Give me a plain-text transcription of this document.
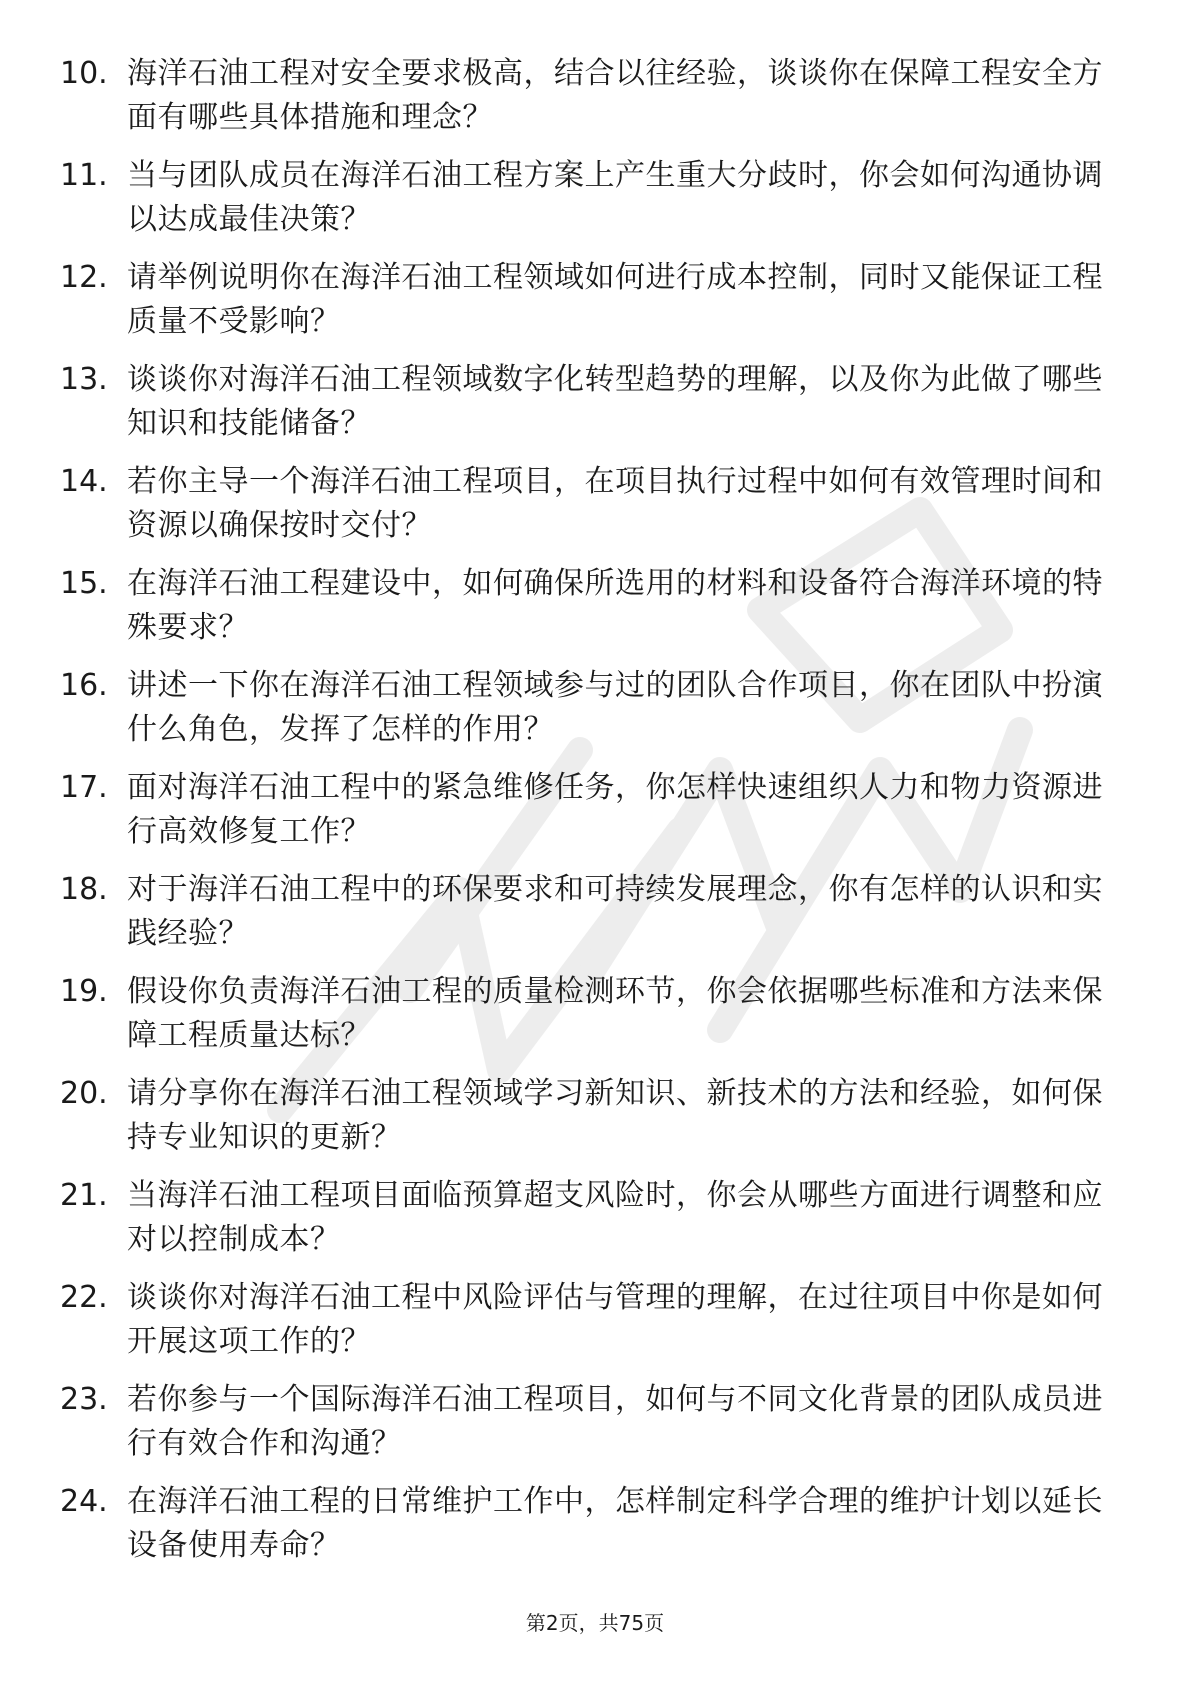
10. 海洋石油工程对安全要求极高，结合以往经验，谈谈你在保障工程安全方面有哪些具体措施和理念？
11. 当与团队成员在海洋石油工程方案上产生重大分歧时，你会如何沟通协调以达成最佳决策？
12. 请举例说明你在海洋石油工程领域如何进行成本控制，同时又能保证工程质量不受影响？
13. 谈谈你对海洋石油工程领域数字化转型趋势的理解，以及你为此做了哪些知识和技能储备？
14. 若你主导一个海洋石油工程项目，在项目执行过程中如何有效管理时间和资源以确保按时交付？
15. 在海洋石油工程建设中，如何确保所选用的材料和设备符合海洋环境的特殊要求？
16. 讲述一下你在海洋石油工程领域参与过的团队合作项目，你在团队中扮演什么角色，发挥了怎样的作用？
17. 面对海洋石油工程中的紧急维修任务，你怎样快速组织人力和物力资源进行高效修复工作？
18. 对于海洋石油工程中的环保要求和可持续发展理念，你有怎样的认识和实践经验？
19. 假设你负责海洋石油工程的质量检测环节，你会依据哪些标准和方法来保障工程质量达标？
20. 请分享你在海洋石油工程领域学习新知识、新技术的方法和经验，如何保持专业知识的更新？
21. 当海洋石油工程项目面临预算超支风险时，你会从哪些方面进行调整和应对以控制成本？
22. 谈谈你对海洋石油工程中风险评估与管理的理解，在过往项目中你是如何开展这项工作的？
23. 若你参与一个国际海洋石油工程项目，如何与不同文化背景的团队成员进行有效合作和沟通？
24. 在海洋石油工程的日常维护工作中，怎样制定科学合理的维护计划以延长设备使用寿命？
第2页，共75页
